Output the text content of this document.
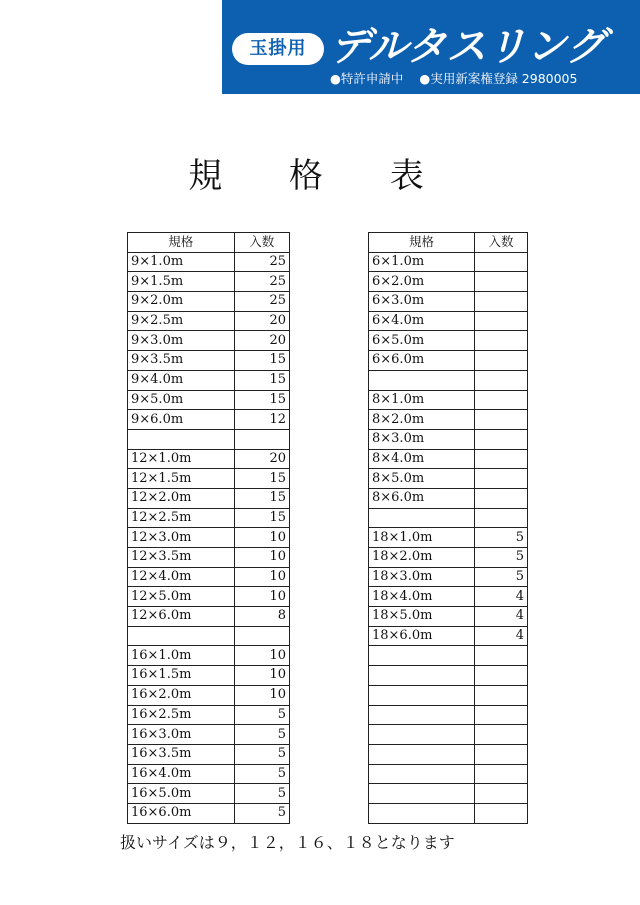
玉掛用 デルタスリング
●特許申請中 ●実用新案権登録 2980005
規 格 表
規格	入数
9×1.0m	25
9×1.5m	25
9×2.0m	25
9×2.5m	20
9×3.0m	20
9×3.5m	15
9×4.0m	15
9×5.0m	15
9×6.0m	12

12×1.0m	20
12×1.5m	15
12×2.0m	15
12×2.5m	15
12×3.0m	10
12×3.5m	10
12×4.0m	10
12×5.0m	10
12×6.0m	8

16×1.0m	10
16×1.5m	10
16×2.0m	10
16×2.5m	5
16×3.0m	5
16×3.5m	5
16×4.0m	5
16×5.0m	5
16×6.0m	5
規格	入数
6×1.0m	
6×2.0m	
6×3.0m	
6×4.0m	
6×5.0m	
6×6.0m	

8×1.0m	
8×2.0m	
8×3.0m	
8×4.0m	
8×5.0m	
8×6.0m	

18×1.0m	5
18×2.0m	5
18×3.0m	5
18×4.0m	4
18×5.0m	4
18×6.0m	4

扱いサイズは９，１２，１６、１８となります
